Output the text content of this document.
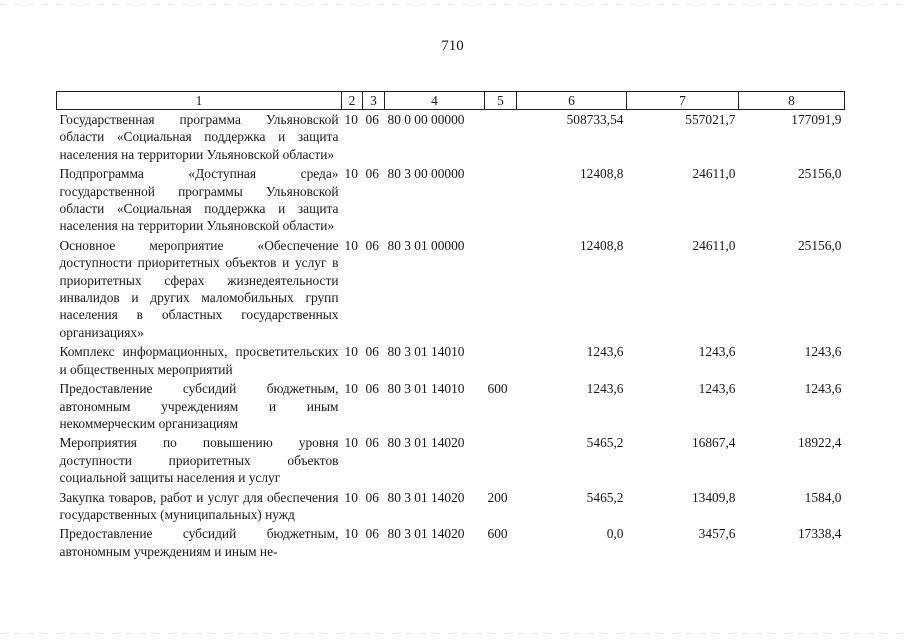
710
1	2	3	4	5	6	7	8
Государственная программа Ульяновской области «Социальная поддержка и защита населения на территории Ульяновской области»	10	06	80 0 00 00000		508733,54	557021,7	177091,9
Подпрограмма «Доступная среда» государственной программы Ульяновской области «Социальная поддержка и защита населения на территории Ульяновской области»	10	06	80 3 00 00000		12408,8	24611,0	25156,0
Основное мероприятие «Обеспечение доступности приоритетных объектов и услуг в приоритетных сферах жизнедеятельности инвалидов и других маломобильных групп населения в областных государственных организациях»	10	06	80 3 01 00000		12408,8	24611,0	25156,0
Комплекс информационных, просветительских и общественных мероприятий	10	06	80 3 01 14010		1243,6	1243,6	1243,6
Предоставление субсидий бюджетным, автономным учреждениям и иным некоммерческим организациям	10	06	80 3 01 14010	600	1243,6	1243,6	1243,6
Мероприятия по повышению уровня доступности приоритетных объектов социальной защиты населения и услуг	10	06	80 3 01 14020		5465,2	16867,4	18922,4
Закупка товаров, работ и услуг для обеспечения государственных (муниципальных) нужд	10	06	80 3 01 14020	200	5465,2	13409,8	1584,0
Предоставление субсидий бюджетным, автономным учреждениям и иным не-	10	06	80 3 01 14020	600	0,0	3457,6	17338,4
